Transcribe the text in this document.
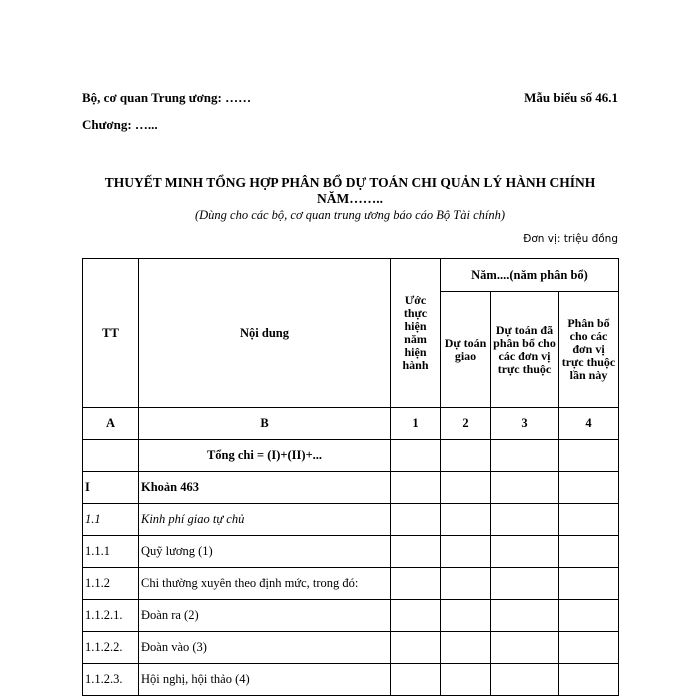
Bộ, cơ quan Trung ương: ……	Mẫu biểu số 46.1
Chương: …...
THUYẾT MINH TỔNG HỢP PHÂN BỔ DỰ TOÁN CHI QUẢN LÝ HÀNH CHÍNH
NĂM……..
(Dùng cho các bộ, cơ quan trung ương báo cáo Bộ Tài chính)
Đơn vị: triệu đồng
TT	Nội dung	Ước thực hiện năm hiện hành	Năm....(năm phân bổ)		
			Dự toán giao	Dự toán đã phân bổ cho các đơn vị trực thuộc	Phân bổ cho các đơn vị trực thuộc lần này
A	B	1	2	3	4
	Tổng chi = (I)+(II)+...				
I	Khoản 463				
1.1	Kinh phí giao tự chủ				
1.1.1	Quỹ lương (1)				
1.1.2	Chi thường xuyên theo định mức, trong đó:				
1.1.2.1.	Đoàn ra (2)				
1.1.2.2.	Đoàn vào (3)				
1.1.2.3.	Hội nghị, hội thảo (4)				
